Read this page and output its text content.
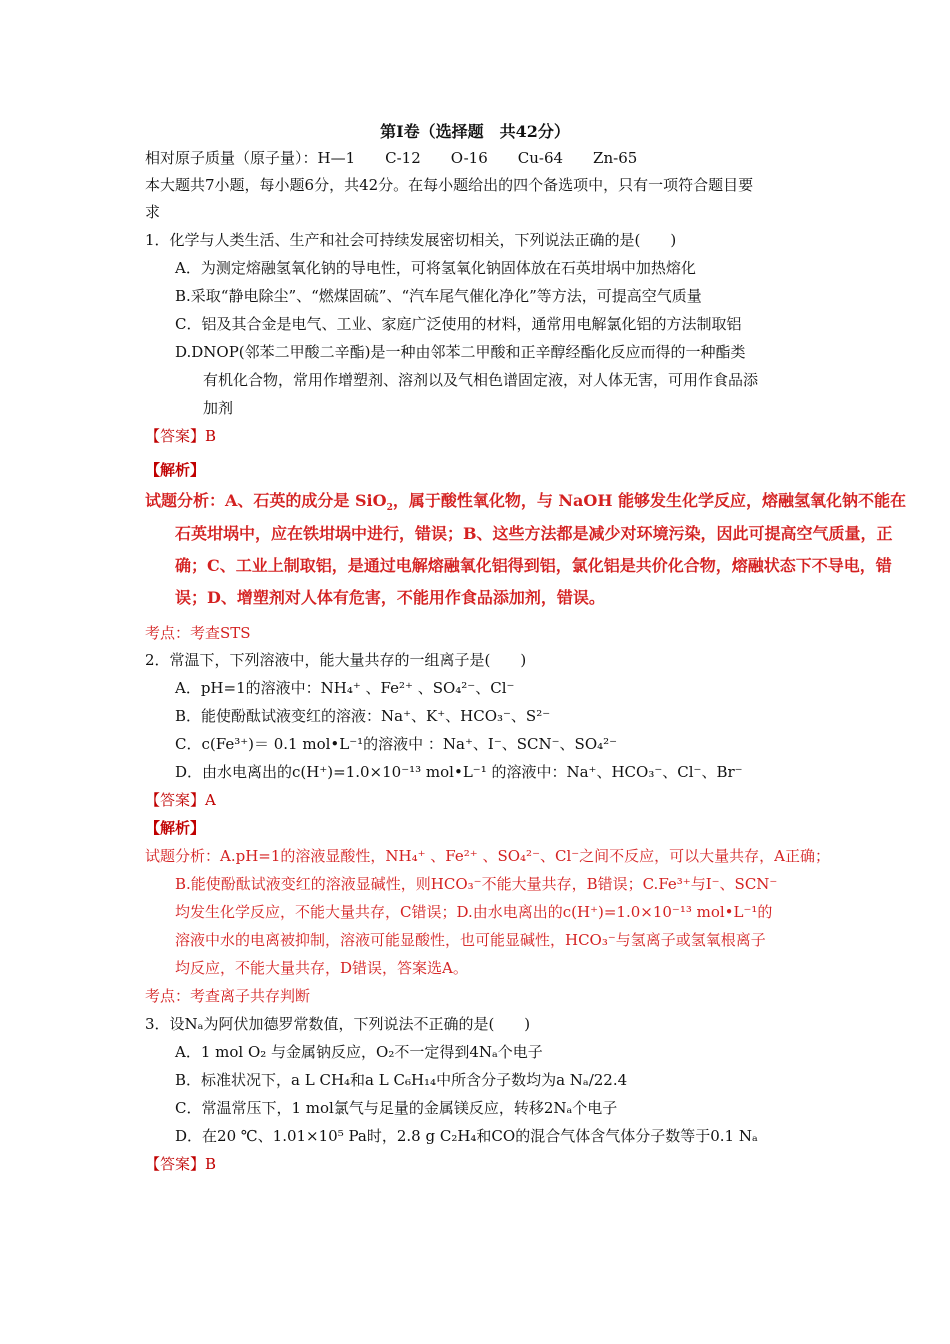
第Ⅰ卷（选择题　共42分）
相对原子质量（原子量）：H—1　　C-12　　O-16　　Cu-64　　Zn-65
本大题共7小题，每小题6分，共42分。在每小题给出的四个备选项中，只有一项符合题目要
求
1．化学与人类生活、生产和社会可持续发展密切相关，下列说法正确的是(　　)
A．为测定熔融氢氧化钠的导电性，可将氢氧化钠固体放在石英坩埚中加热熔化
B.采取“静电除尘”、“燃煤固硫”、“汽车尾气催化净化”等方法，可提高空气质量
C．铝及其合金是电气、工业、家庭广泛使用的材料，通常用电解氯化铝的方法制取铝
D.DNOP(邻苯二甲酸二辛酯)是一种由邻苯二甲酸和正辛醇经酯化反应而得的一种酯类
有机化合物，常用作增塑剂、溶剂以及气相色谱固定液，对人体无害，可用作食品添
加剂
【答案】B
【解析】
试题分析：A、石英的成分是 SiO$_2$，属于酸性氧化物，与 NaOH 能够发生化学反应，熔融氢氧化钠不能在
石英坩埚中，应在铁坩埚中进行，错误；B、这些方法都是减少对环境污染，因此可提高空气质量，正
确；C、工业上制取铝，是通过电解熔融氧化铝得到铝，氯化铝是共价化合物，熔融状态下不导电，错
误；D、增塑剂对人体有危害，不能用作食品添加剂，错误。
考点：考查STS
2．常温下，下列溶液中，能大量共存的一组离子是(　　)
A．pH=1的溶液中：NH₄⁺ 、Fe²⁺ 、SO₄²⁻、Cl⁻
B．能使酚酞试液变红的溶液：Na⁺、K⁺、HCO₃⁻、S²⁻
C．c(Fe³⁺)＝ 0.1 mol•L⁻¹的溶液中 ：Na⁺、I⁻、SCN⁻、SO₄²⁻
D．由水电离出的c(H⁺)=1.0×10⁻¹³ mol•L⁻¹ 的溶液中：Na⁺、HCO₃⁻、Cl⁻、Br⁻
【答案】A
【解析】
试题分析：A.pH=1的溶液显酸性，NH₄⁺ 、Fe²⁺ 、SO₄²⁻、Cl⁻之间不反应，可以大量共存，A正确；
B.能使酚酞试液变红的溶液显碱性，则HCO₃⁻不能大量共存，B错误；C.Fe³⁺与I⁻、SCN⁻
均发生化学反应，不能大量共存，C错误；D.由水电离出的c(H⁺)=1.0×10⁻¹³ mol•L⁻¹的
溶液中水的电离被抑制，溶液可能显酸性，也可能显碱性，HCO₃⁻与氢离子或氢氧根离子
均反应，不能大量共存，D错误，答案选A。
考点：考查离子共存判断
3．设Nₐ为阿伏加德罗常数值，下列说法不正确的是(　　)
A．1 mol O₂ 与金属钠反应，O₂不一定得到4Nₐ个电子
B．标准状况下，a L CH₄和a L C₆H₁₄中所含分子数均为a Nₐ/22.4
C．常温常压下，1 mol氯气与足量的金属镁反应，转移2Nₐ个电子
D．在20 ℃、1.01×10⁵ Pa时，2.8 g C₂H₄和CO的混合气体含气体分子数等于0.1 Nₐ
【答案】B
